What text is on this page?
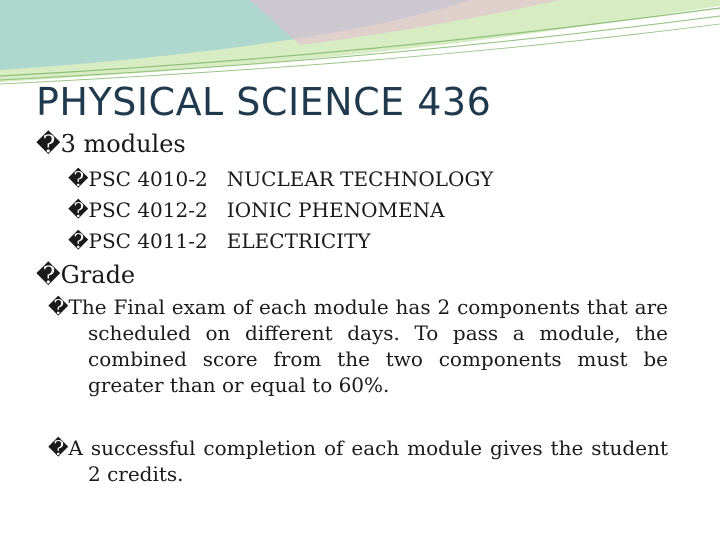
PHYSICAL SCIENCE 436
�3 modules
�PSC 4010-2   NUCLEAR TECHNOLOGY
�PSC 4012-2   IONIC PHENOMENA
�PSC 4011-2   ELECTRICITY
�Grade
�The Final exam of each module has 2 components that are scheduled on different days. To pass a module, the combined score from the two components must be greater than or equal to 60%.
�A successful completion of each module gives the student 2 credits.
